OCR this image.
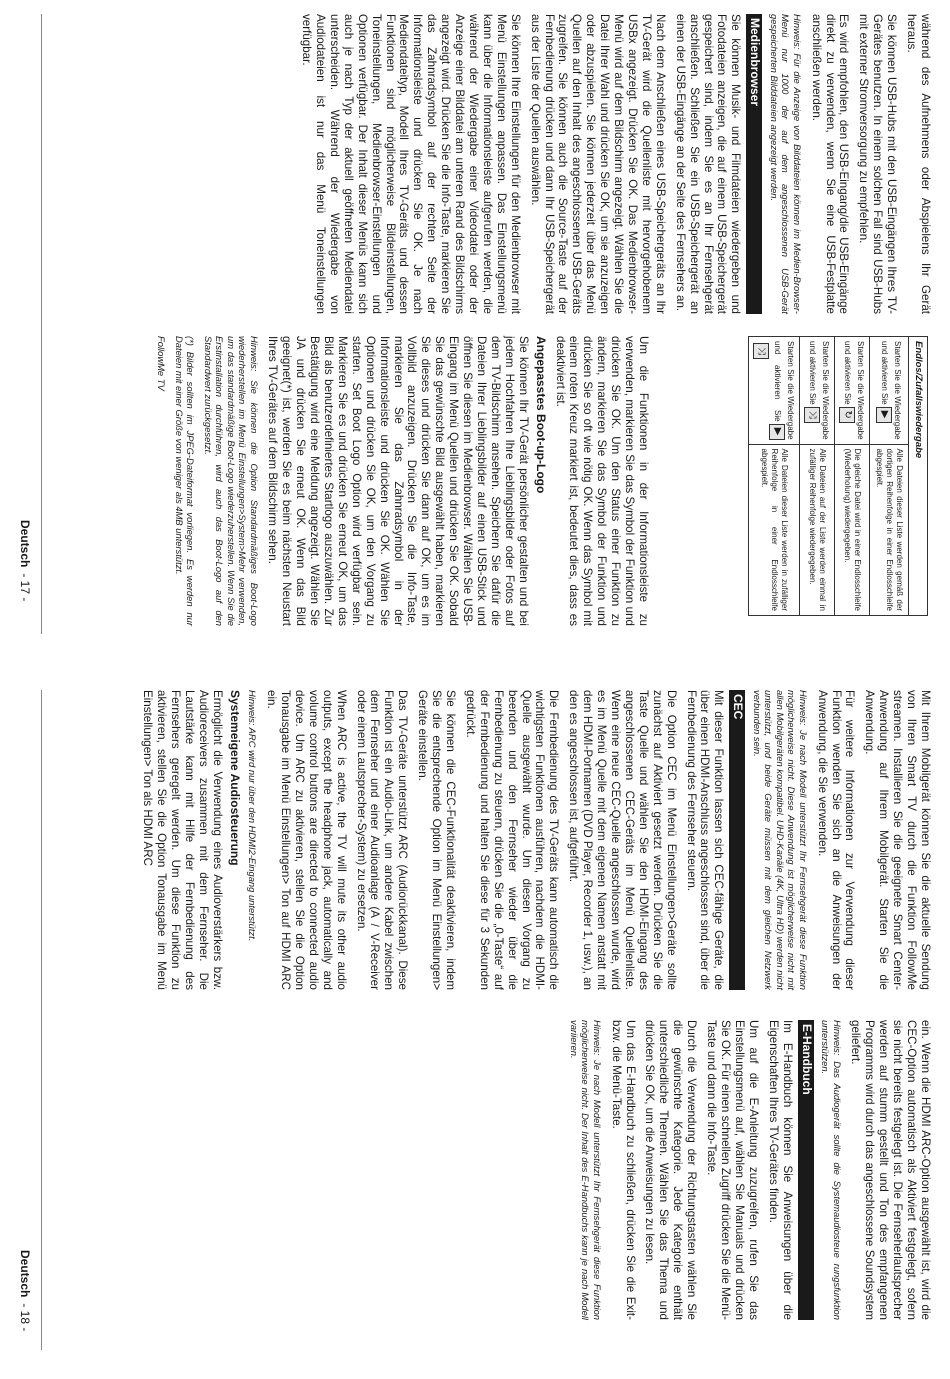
während des Aufnehmens oder Abspielens Ihr Gerät heraus.

Sie können USB-Hubs mit den USB-Eingängen Ihres TV-Gerätes benutzen. In einem solchen Fall sind USB-Hubs mit externer Stromversorgung zu empfehlen.

Es wird empfohlen, den USB-Eingang/die USB-Eingänge direkt zu verwenden, wenn Sie eine USB-Festplatte anschließen werden.

Hinweis: Für die Anzeige von Bilddateien können im Medien-Browser-Menü nur 1000 der auf dem angeschlossenen USB-Gerät gespeicherten Bilddateien angezeigt werden.

Medienbrowser

Sie können Musik- und Filmdateien wiedergeben und Fotodateien anzeigen, die auf einem USB-Speichergerät gespeichert sind, indem Sie es an Ihr Fernsehgerät anschließen. Schließen Sie ein USB-Speichergerät an einen der USB-Eingänge an der Seite des Fernsehers an.

Nach dem Anschließen eines USB-Speichergeräts an Ihr TV-Gerät wird die Quellenliste mit hervorgehobenem USBx angezeigt. Drücken Sie OK. Das Medienbrowser-Menü wird auf dem Bildschirm angezeigt. Wählen Sie die Datei Ihrer Wahl und drücken Sie OK, um sie anzuzeigen oder abzuspielen. Sie können jederzeit über das Menü Quellen auf den Inhalt des angeschlossenen USB-Geräts zugreifen. Sie können auch die Source-Taste auf der Fernbedienung drücken und dann Ihr USB-Speichergerät aus der Liste der Quellen auswählen.

Sie können Ihre Einstellungen für den Medienbrowser mit Menü Einstellungen anpassen. Das Einstellungsmenü kann über die Informationsleiste aufgerufen werden, die während der Wiedergabe einer Videodatei oder der Anzeige einer Bilddatei am unteren Rand des Bildschirms angezeigt wird. Drücken Sie die Info-Taste, markieren Sie das Zahnradsymbol auf der rechten Seite der Informationsleiste und drücken Sie OK. Je nach Mediendateityp, Modell Ihres TV-Geräts und dessen Funktionen sind möglicherweise Bildeinstellungen, Toneinstellungen, Medienbrowser-Einstellungen und Optionen verfügbar. Der Inhalt dieser Menüs kann sich auch je nach Typ der aktuell geöffneten Mediendatei unterscheiden. Während der Wiedergabe von Audiodateien ist nur das Menü Toneinstellungen verfügbar.

Endlos/Zufallswiedergabe	
Starten Sie die Wiedergabe und aktivieren Sie▶	Alle Dateien dieser Liste werden gemäß der dortigen Reihenfolge in einer Endlosschleife abgespielt.
Starten Sie die Wiedergabe und aktivieren Sie↻	Die gleiche Datei wird in einer Endlosschleife (Wiederholung) wiedergegeben.
Starten Sie die Wiedergabe und aktivieren Sie⤨	Alle Dateien auf der Liste werden einmal in zufälliger Reihenfolge wiedergegeben.
Starten Sie die Wiedergabe und aktivieren Sie▶⤨	Alle Dateien dieser Liste werden in zufälliger Reihenfolge in einer Endlosschleife abgespielt.

Um die Funktionen in der Informationsleiste zu verwenden, markieren Sie das Symbol der Funktion und drücken Sie OK. Um den Status einer Funktion zu ändern, markieren Sie das Symbol der Funktion und drücken Sie so oft wie nötig OK. Wenn das Symbol mit einem roten Kreuz markiert ist, bedeutet dies, dass es deaktiviert ist.

Angepasstes Boot-up-Logo

Sie können Ihr TV-Gerät persönlicher gestalten und bei jedem Hochfahren Ihre Lieblingsbilder oder Fotos auf dem TV-Bildschirm ansehen. Speichern Sie dafür die Dateien Ihrer Lieblingsbilder auf einen USB-Stick und öffnen Sie diesen im Medienbrowser. Wählen Sie USB-Eingang im Menü Quellen und drücken Sie OK. Sobald Sie das gewünschte Bild ausgewählt haben, markieren Sie dieses und drücken Sie dann auf OK, um es im Vollbild anzuzeigen. Drücken Sie die Info-Taste, markieren Sie das Zahnradsymbol in der Informationsleiste und drücken Sie OK. Wählen Sie Optionen und drücken Sie OK, um den Vorgang zu starten. Set Boot Logo Option wird verfügbar sein. Markieren Sie es und drücken Sie erneut OK, um das Bild als benutzerdefiniertes Startlogo auszuwählen. Zur Bestätigung wird eine Meldung angezeigt. Wählen Sie JA und drücken Sie erneut OK. Wenn das Bild geeignet(*) ist, werden Sie es beim nächsten Neustart Ihres TV-Gerätes auf dem Bildschirm sehen.

Hinweis: Sie können die Option Standardmäßiges Boot-Logo wiederherstellen im Menü Einstellungen>System>Mehr verwenden, um das standardmäßige Boot-Logo wiederzuherstellen. Wenn Sie die Erstinstallation durchführen, wird auch das Boot-Logo auf den Standardwert zurückgesetzt.

(*) Bilder sollten im JPEG-Dateiformat vorliegen. Es werden nur Dateien mit einer Größe von weniger als 4MB unterstützt.

FollowMe TV

Deutsch- 17 -

Mit Ihrem Mobilgerät können Sie die aktuelle Sendung von Ihren Smart TV durch die Funktion FollowMe streamen. Installieren Sie die geeignete Smart Center-Anwendung auf Ihrem Mobilgerät. Starten Sie die Anwendung.

Für weitere Informationen zur Verwendung dieser Funktion wenden Sie sich an die Anweisungen der Anwendung, die Sie verwenden.

Hinweis: Je nach Modell unterstützt Ihr Fernsehgerät diese Funktion möglicherweise nicht. Diese Anwendung ist möglicherweise nicht mit allen Mobilgeräten kompatibel. UHD-Kanäle (4K, Ultra HD) werden nicht unterstützt, und beide Geräte müssen mit dem gleichen Netzwerk verbunden sein.

CEC

Mit dieser Funktion lassen sich CEC-fähige Geräte, die über einen HDMI-Anschluss angeschlossen sind, über die Fernbedienung des Fernseher steuern.

Die Option CEC im Menü Einstellungen>Geräte sollte zunächst auf Aktiviert gesetzt werden. Drücken Sie die Taste Quelle und wählen Sie den HDMI-Eingang des angeschlossenen CEC-Geräts im Menü Quellenliste. Wenn eine neue CEC-Quelle angeschlossen wurde, wird es im Menü Quelle mit dem eigenen Namen anstatt mit dem HDMI-Portnamen (DVD Player, Recorder 1, usw.), an den es angeschlossen ist, aufgeführt.

Die Fernbedienung des TV-Geräts kann automatisch die wichtigsten Funktionen ausführen, nachdem die HDMI-Quelle ausgewählt wurde. Um diesen Vorgang zu beenden und den Fernseher wieder über die Fernbedienung zu steuern, drücken Sie die „0-Taste“ auf der Fernbedienung und halten Sie diese für 3 Sekunden gedrückt.

Sie können die CEC-Funktionalität deaktivieren, indem Sie die entsprechende Option im Menü Einstellungen> Geräte einstellen.

Das TV-Geräte unterstützt ARC (Audiorückkanal). Diese Funktion ist ein Audio-Link, um andere Kabel zwischen dem Fernseher und einer Audioanlage (A / V-Receiver oder einem Lautsprecher-System) zu ersetzen.

When ARC is active, the TV will mute its other audio outputs, except the headphone jack, automatically and volume control buttons are directed to connected audio device. Um ARC zu aktivieren, stellen Sie die Option Tonausgabe im Menü Einstellungen> Ton auf HDMI ARC ein.

Hinweis: ARC wird nur über den HDMI2-Eingang unterstützt.

Systemeigene Audiosteuerung

Ermöglicht die Verwendung eines Audioverstärkers bzw. Audioreceivers zusammen mit dem Fernseher. Die Lautstärke kann mit Hilfe der Fernbedienung des Fernsehers geregelt werden. Um diese Funktion zu aktivieren, stellen Sie die Option Tonausgabe im Menü Einstellungen> Ton als HDMI ARC

ein. Wenn die HDMI ARC-Option ausgewählt ist, wird die CEC-Option automatisch als Aktiviert festgelegt, sofern sie nicht bereits festgelegt ist. Die Fernseherlautsprecher werden auf stumm gestellt und Ton des empfangenen Programms wird durch das angeschlossene Soundsystem geliefert.

Hinweis: Das Audiogerät sollte die Systemaudiosteue rungsfunktion unterstützen.

E-Handbuch

Im E-Handbuch können Sie Anweisungen über die Eigenschaften Ihres TV-Gerätes finden.

Um auf die E-Anleitung zuzugreifen, rufen Sie das Einstellungsmenü auf, wählen Sie Manuals und drücken Sie OK. Für einen schnellen Zugriff drücken Sie die Menü-Taste und dann die Info-Taste.

Durch die Verwendung der Richtungstasten wählen Sie die gewünschte Kategorie. Jede Kategorie enthält unterschiedliche Themen. Wählen Sie das Thema und drücken Sie OK, um die Anweisungen zu lesen.

Um das E-Handbuch zu schließen, drücken Sie die Exit- bzw. die Menü-Taste.

Hinweis: Je nach Modell unterstützt Ihr Fernsehgerät diese Funktion möglicherweise nicht. Der Inhalt des E-Handbuchs kann je nach Modell variieren.

Deutsch- 18 -
